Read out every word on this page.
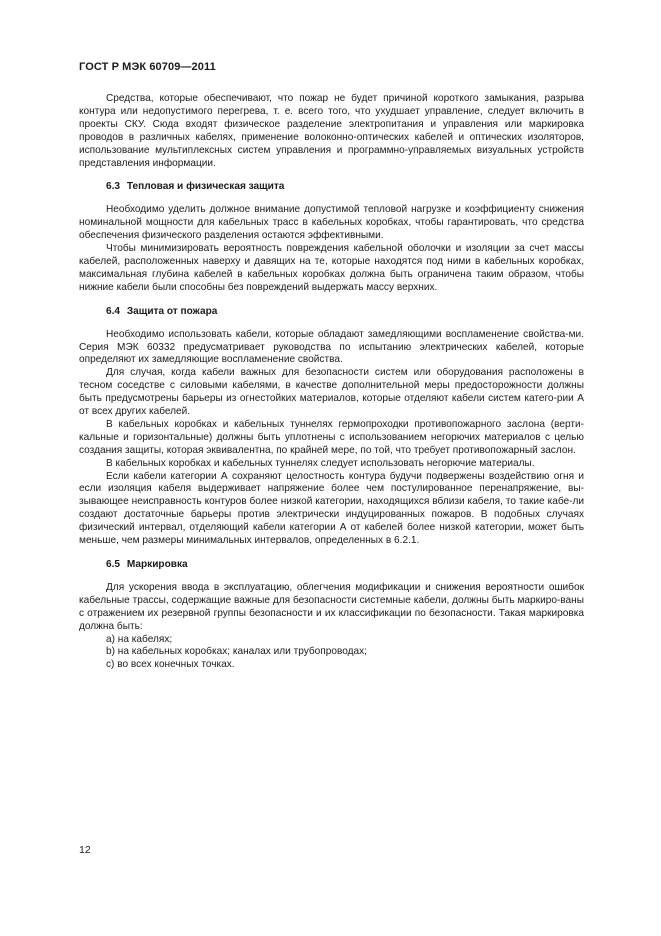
ГОСТ Р МЭК 60709—2011

Средства, которые обеспечивают, что пожар не будет причиной короткого замыкания, разрыва контура или недопустимого перегрева, т. е. всего того, что ухудшает управление, следует включить в проекты СКУ. Сюда входят физическое разделение электропитания и управления или маркировка проводов в различных кабелях, применение волоконно-оптических кабелей и оптических изоляторов, использование мультиплексных систем управления и программно-управляемых визуальных устройств представления информации.

6.3 Тепловая и физическая защита

Необходимо уделить должное внимание допустимой тепловой нагрузке и коэффициенту снижения номинальной мощности для кабельных трасс в кабельных коробках, чтобы гарантировать, что средства обеспечения физического разделения остаются эффективными.

Чтобы минимизировать вероятность повреждения кабельной оболочки и изоляции за счет массы кабелей, расположенных наверху и давящих на те, которые находятся под ними в кабельных коробках, максимальная глубина кабелей в кабельных коробках должна быть ограничена таким образом, чтобы нижние кабели были способны без повреждений выдержать массу верхних.

6.4 Защита от пожара

Необходимо использовать кабели, которые обладают замедляющими воспламенение свойства-ми. Серия МЭК 60332 предусматривает руководства по испытанию электрических кабелей, которые определяют их замедляющие воспламенение свойства.

Для случая, когда кабели важных для безопасности систем или оборудования расположены в тесном соседстве с силовыми кабелями, в качестве дополнительной меры предосторожности должны быть предусмотрены барьеры из огнестойких материалов, которые отделяют кабели систем катего-рии А от всех других кабелей.

В кабельных коробках и кабельных туннелях гермопроходки противопожарного заслона (верти-кальные и горизонтальные) должны быть уплотнены с использованием негорючих материалов с целью создания защиты, которая эквивалентна, по крайней мере, по той, что требует противопожарный заслон.

В кабельных коробках и кабельных туннелях следует использовать негорючие материалы.

Если кабели категории А сохраняют целостность контура будучи подвержены воздействию огня и если изоляция кабеля выдерживает напряжение более чем постулированное перенапряжение, вы-зывающее неисправность контуров более низкой категории, находящихся вблизи кабеля, то такие кабе-ли создают достаточные барьеры против электрически индуцированных пожаров. В подобных случаях физический интервал, отделяющий кабели категории А от кабелей более низкой категории, может быть меньше, чем размеры минимальных интервалов, определенных в 6.2.1.

6.5 Маркировка

Для ускорения ввода в эксплуатацию, облегчения модификации и снижения вероятности ошибок кабельные трассы, содержащие важные для безопасности системные кабели, должны быть маркиро-ваны с отражением их резервной группы безопасности и их классификации по безопасности. Такая маркировка должна быть:

a) на кабелях;
b) на кабельных коробках; каналах или трубопроводах;
c) во всех конечных точках.
12
